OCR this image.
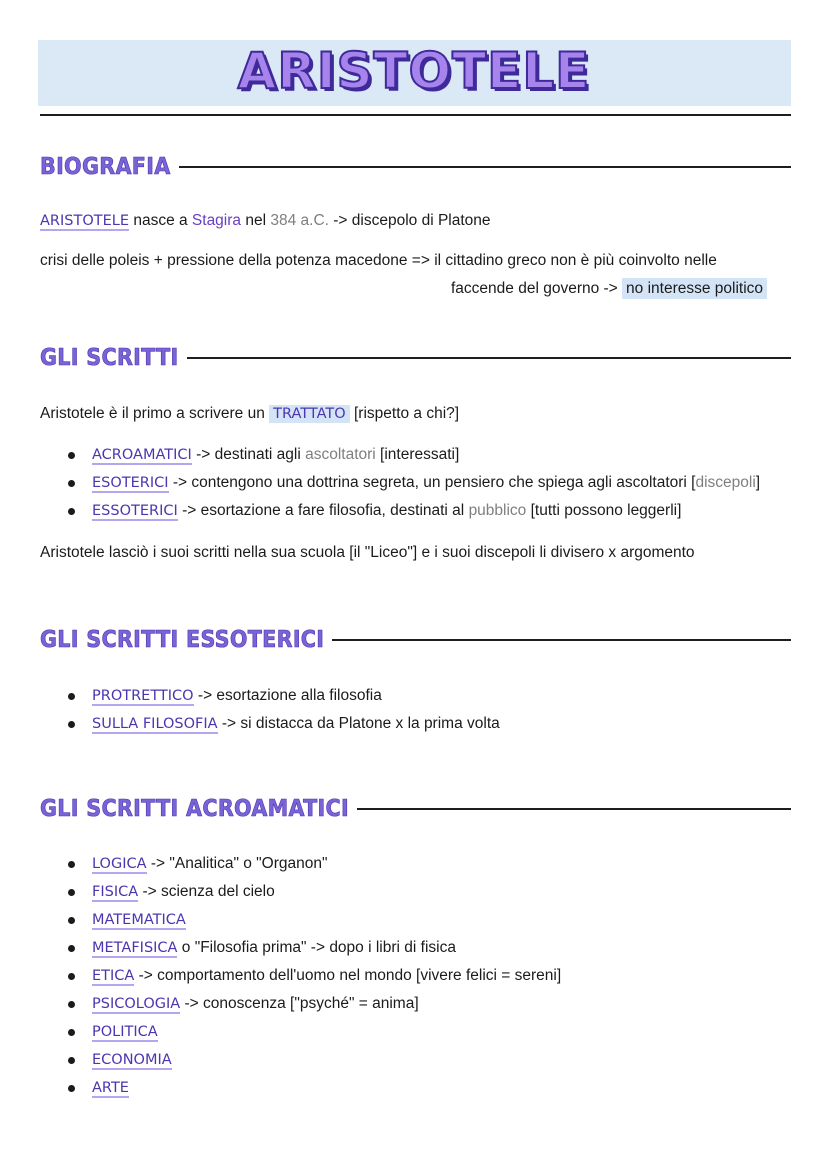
ARISTOTELE
BIOGRAFIA
ARISTOTELE nasce a Stagira nel 384 a.C. -> discepolo di Platone
crisi delle poleis + pressione della potenza macedone => il cittadino greco non è più coinvolto nelle
faccende del governo -> no interesse politico
GLI SCRITTI
Aristotele è il primo a scrivere un TRATTATO [rispetto a chi?]
ACROAMATICI -> destinati agli ascoltatori [interessati]
ESOTERICI -> contengono una dottrina segreta, un pensiero che spiega agli ascoltatori [discepoli]
ESSOTERICI -> esortazione a fare filosofia, destinati al pubblico [tutti possono leggerli]
Aristotele lasciò i suoi scritti nella sua scuola [il "Liceo"] e i suoi discepoli li divisero x argomento
GLI SCRITTI ESSOTERICI
PROTRETTICO -> esortazione alla filosofia
SULLA FILOSOFIA -> si distacca da Platone x la prima volta
GLI SCRITTI ACROAMATICI
LOGICA -> "Analitica" o "Organon"
FISICA -> scienza del cielo
MATEMATICA
METAFISICA o "Filosofia prima" -> dopo i libri di fisica
ETICA -> comportamento dell'uomo nel mondo [vivere felici = sereni]
PSICOLOGIA -> conoscenza ["psyché" = anima]
POLITICA
ECONOMIA
ARTE
